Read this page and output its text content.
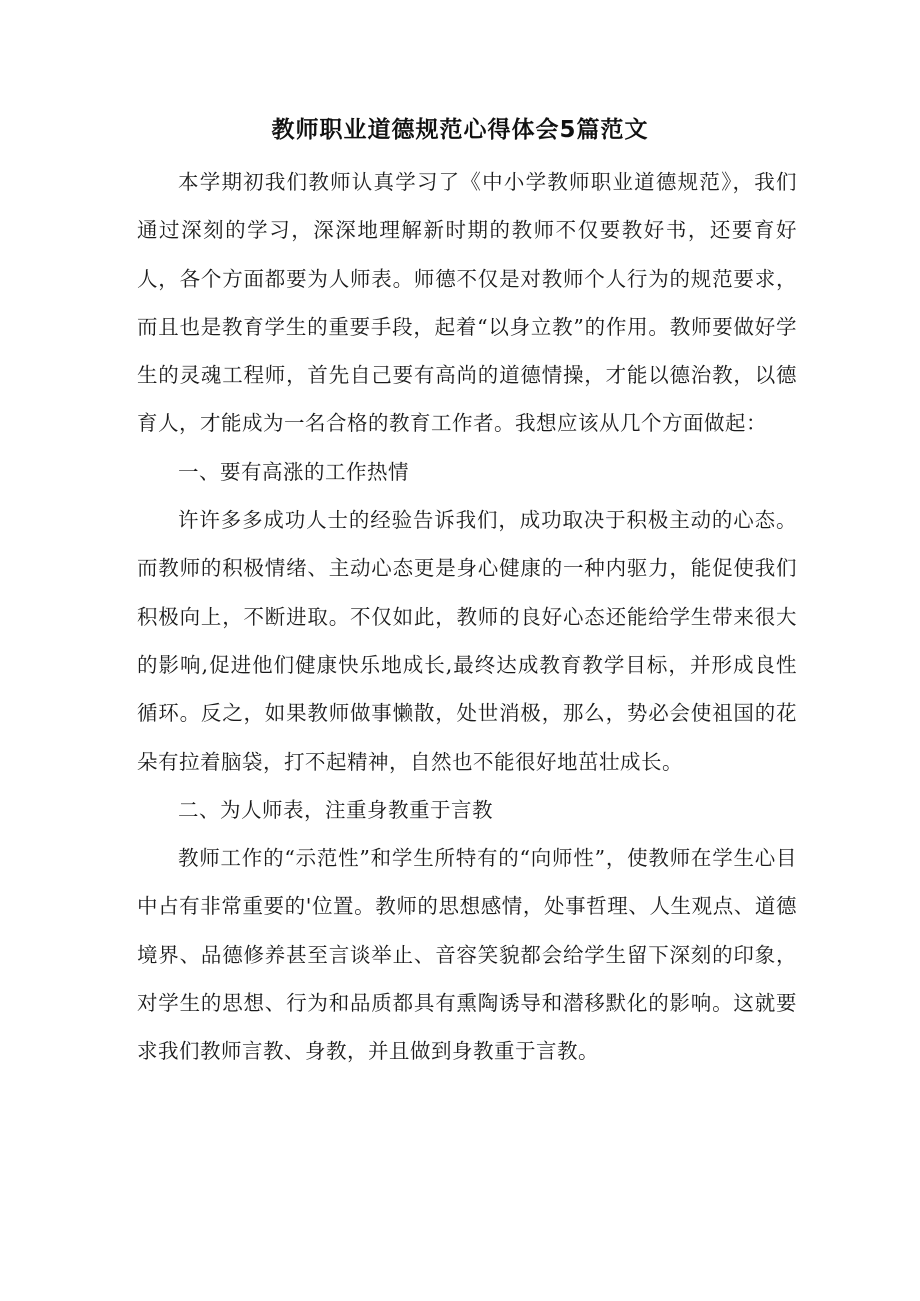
教师职业道德规范心得体会5篇范文

本学期初我们教师认真学习了《中小学教师职业道德规范》，我们通过深刻的学习，深深地理解新时期的教师不仅要教好书，还要育好人，各个方面都要为人师表。师德不仅是对教师个人行为的规范要求，而且也是教育学生的重要手段，起着“以身立教”的作用。教师要做好学生的灵魂工程师，首先自己要有高尚的道德情操，才能以德治教，以德育人，才能成为一名合格的教育工作者。我想应该从几个方面做起：

一、要有高涨的工作热情

许许多多成功人士的经验告诉我们，成功取决于积极主动的心态。而教师的积极情绪、主动心态更是身心健康的一种内驱力，能促使我们积极向上，不断进取。不仅如此，教师的良好心态还能给学生带来很大的影响,促进他们健康快乐地成长,最终达成教育教学目标，并形成良性循环。反之，如果教师做事懒散，处世消极，那么，势必会使祖国的花朵有拉着脑袋，打不起精神，自然也不能很好地茁壮成长。

二、为人师表，注重身教重于言教

教师工作的“示范性”和学生所特有的“向师性”，使教师在学生心目中占有非常重要的'位置。教师的思想感情，处事哲理、人生观点、道德境界、品德修养甚至言谈举止、音容笑貌都会给学生留下深刻的印象，对学生的思想、行为和品质都具有熏陶诱导和潜移默化的影响。这就要求我们教师言教、身教，并且做到身教重于言教。
